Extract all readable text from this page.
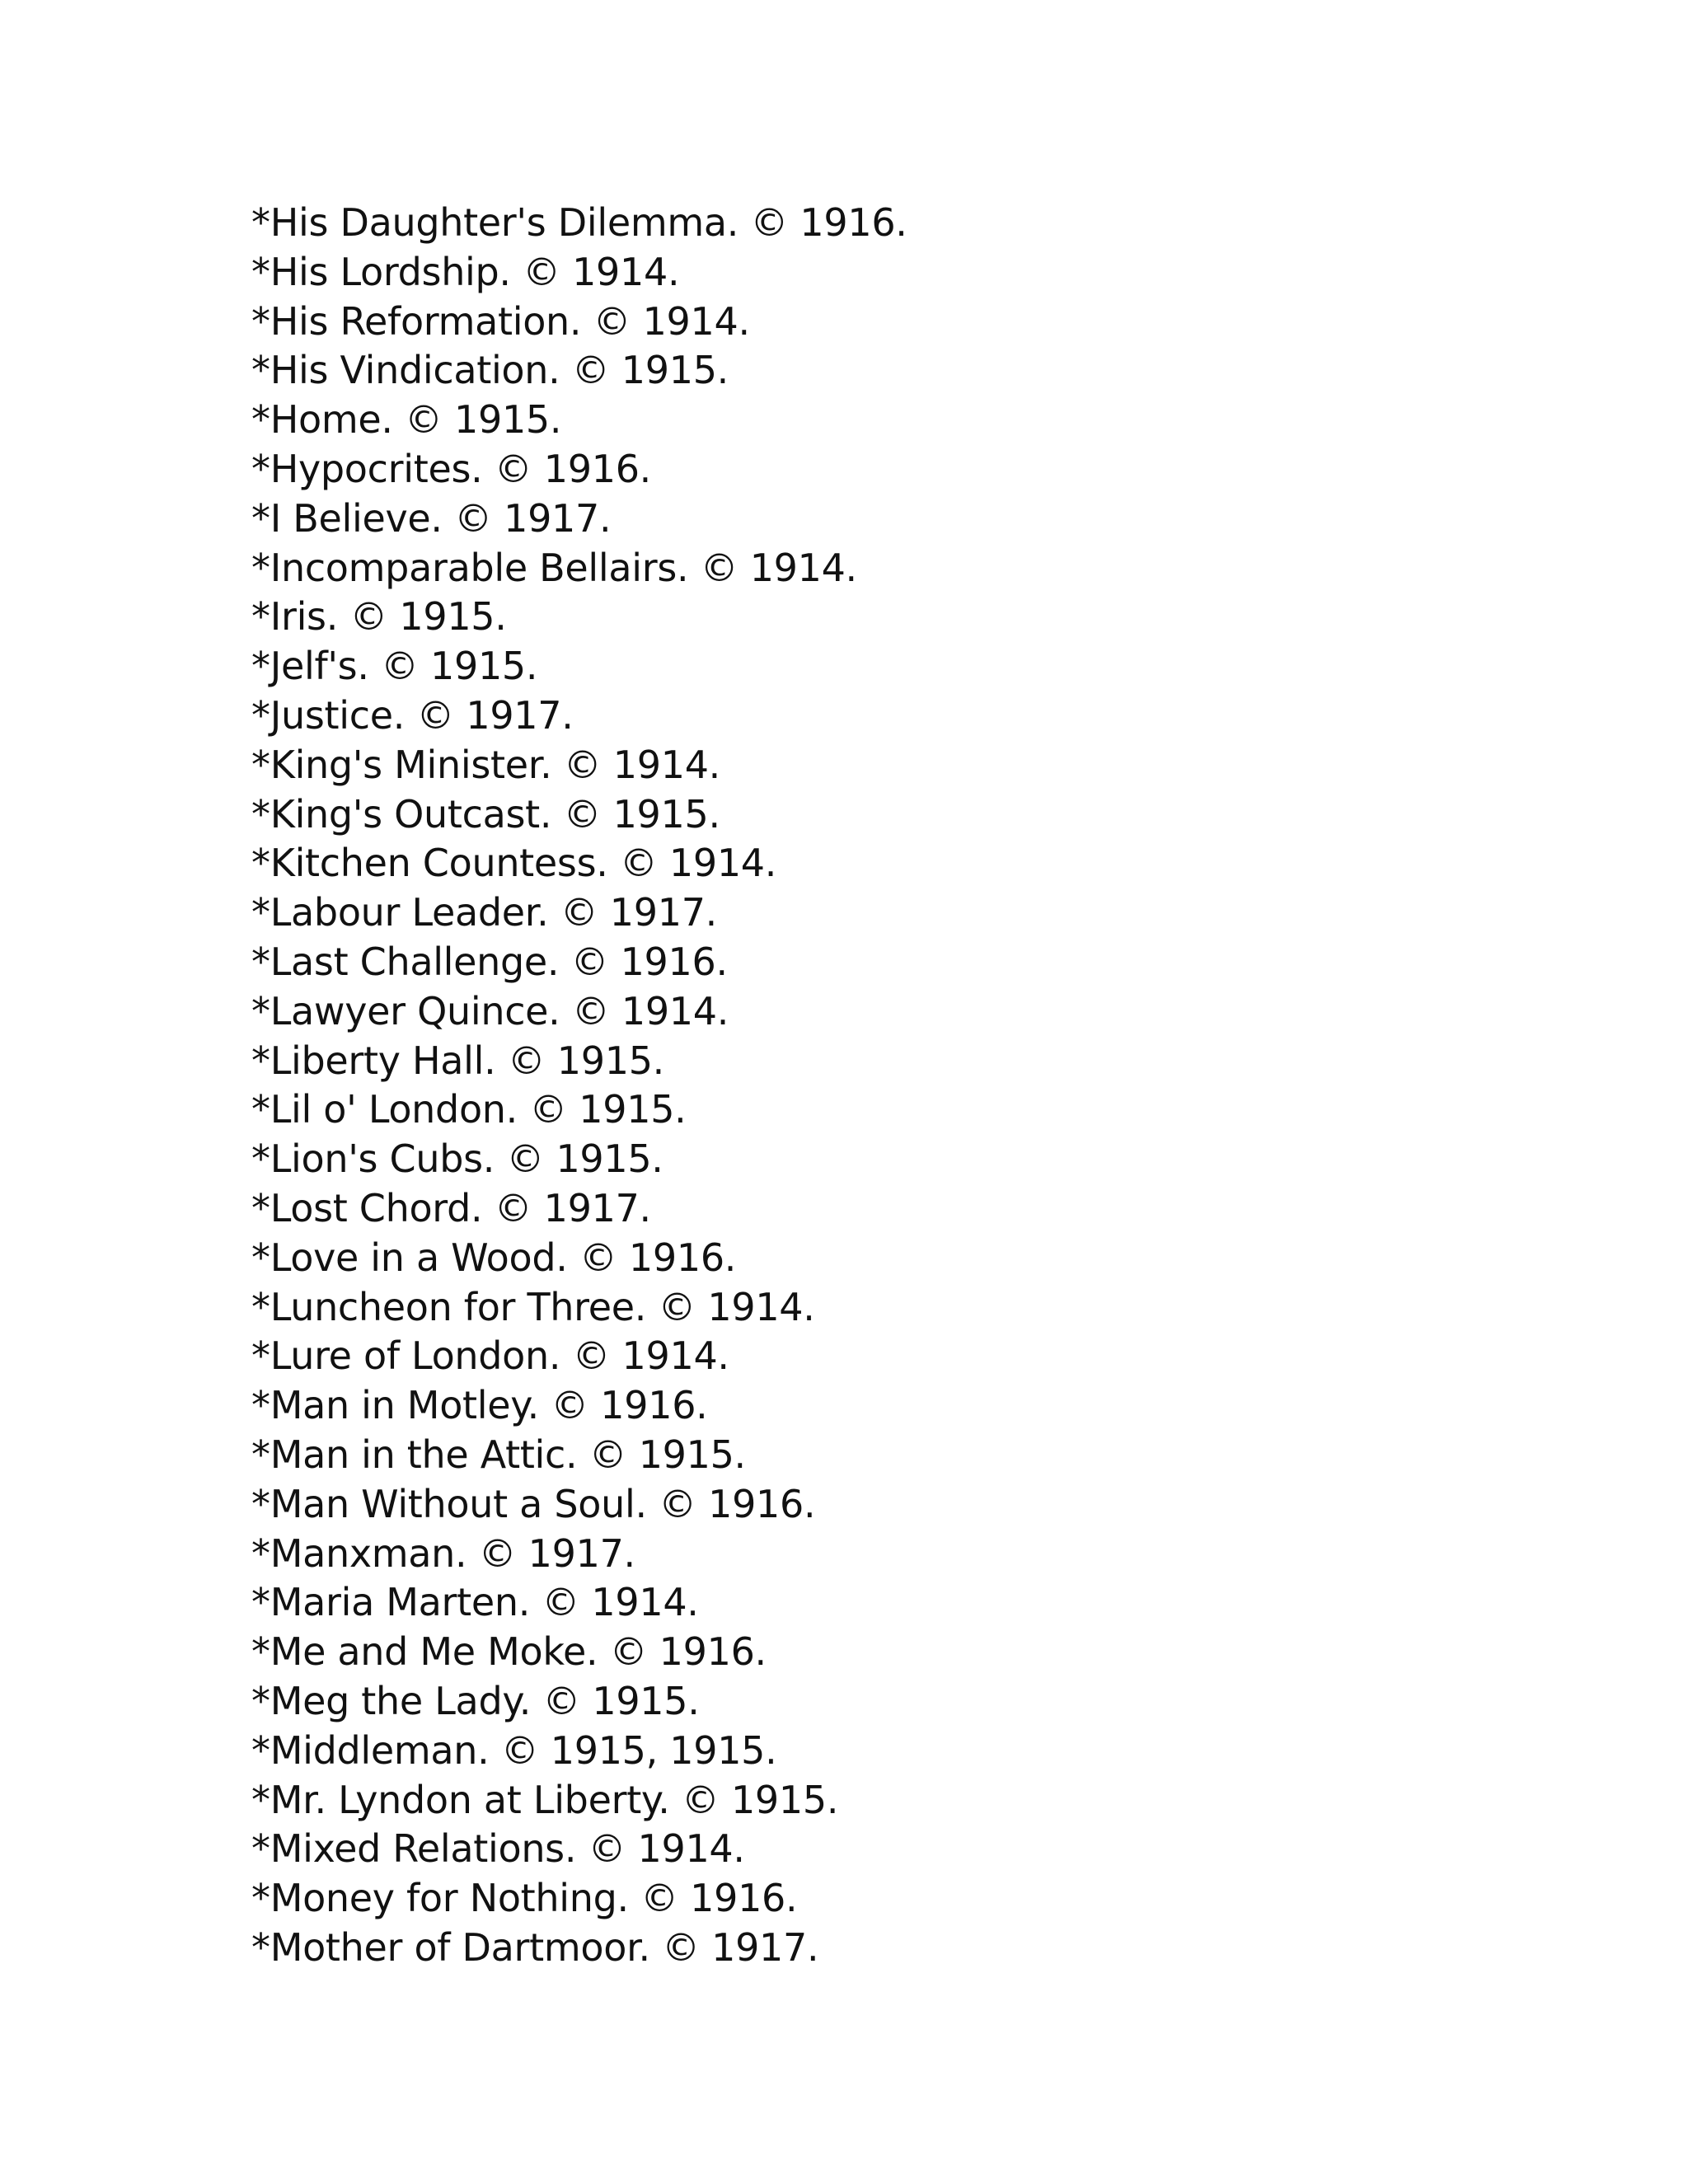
*His Daughter's Dilemma. © 1916.
*His Lordship. © 1914.
*His Reformation. © 1914.
*His Vindication. © 1915.
*Home. © 1915.
*Hypocrites. © 1916.
*I Believe. © 1917.
*Incomparable Bellairs. © 1914.
*Iris. © 1915.
*Jelf's. © 1915.
*Justice. © 1917.
*King's Minister. © 1914.
*King's Outcast. © 1915.
*Kitchen Countess. © 1914.
*Labour Leader. © 1917.
*Last Challenge. © 1916.
*Lawyer Quince. © 1914.
*Liberty Hall. © 1915.
*Lil o' London. © 1915.
*Lion's Cubs. © 1915.
*Lost Chord. © 1917.
*Love in a Wood. © 1916.
*Luncheon for Three. © 1914.
*Lure of London. © 1914.
*Man in Motley. © 1916.
*Man in the Attic. © 1915.
*Man Without a Soul. © 1916.
*Manxman. © 1917.
*Maria Marten. © 1914.
*Me and Me Moke. © 1916.
*Meg the Lady. © 1915.
*Middleman. © 1915, 1915.
*Mr. Lyndon at Liberty. © 1915.
*Mixed Relations. © 1914.
*Money for Nothing. © 1916.
*Mother of Dartmoor. © 1917.
